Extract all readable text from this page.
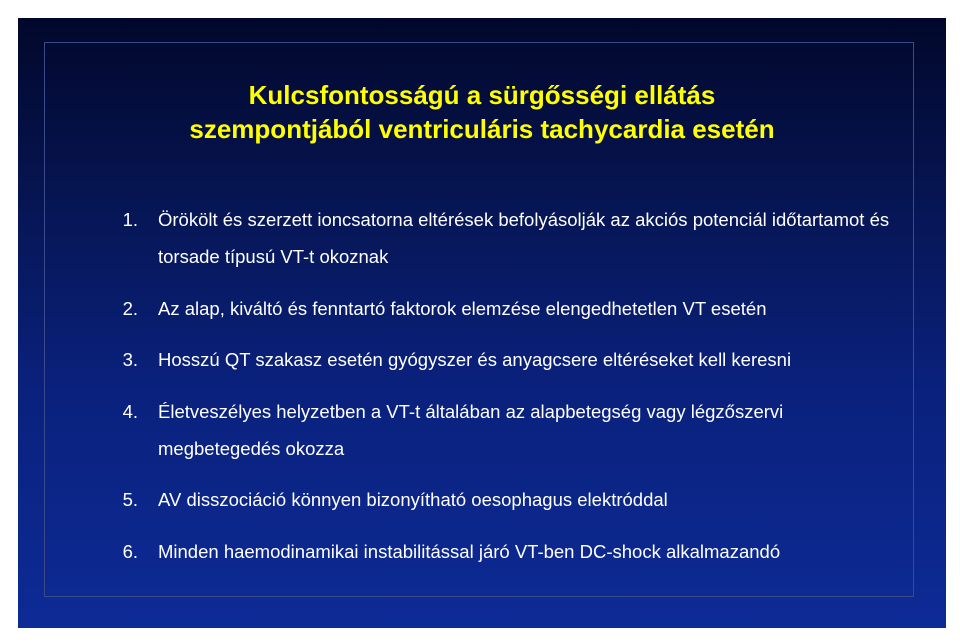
Kulcsfontosságú a sürgősségi ellátás
szempontjából ventriculáris tachycardia esetén
1. Örökölt és szerzett ioncsatorna eltérések befolyásolják az akciós potenciál időtartamot és torsade típusú VT-t okoznak
2. Az alap, kiváltó és fenntartó faktorok elemzése elengedhetetlen VT esetén
3. Hosszú QT szakasz esetén gyógyszer és anyagcsere eltéréseket kell keresni
4. Életveszélyes helyzetben a VT-t általában az alapbetegség vagy légzőszervi megbetegedés okozza
5. AV disszociáció könnyen bizonyítható oesophagus elektróddal
6. Minden haemodinamikai instabilitással járó VT-ben DC-shock alkalmazandó
